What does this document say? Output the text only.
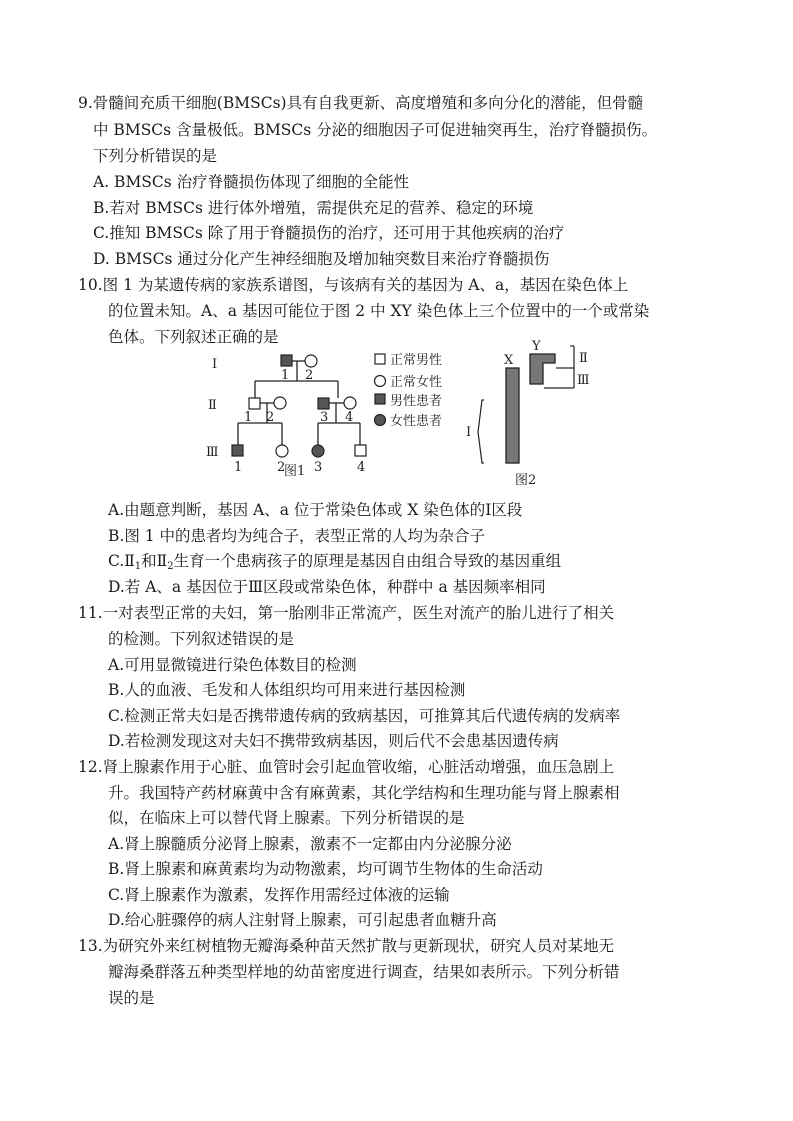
9.骨髓间充质干细胞(BMSCs)具有自我更新、高度增殖和多向分化的潜能，但骨髓
中 BMSCs 含量极低。BMSCs 分泌的细胞因子可促进轴突再生，治疗脊髓损伤。
下列分析错误的是
A. BMSCs 治疗脊髓损伤体现了细胞的全能性
B.若对 BMSCs 进行体外增殖，需提供充足的营养、稳定的环境
C.推知 BMSCs 除了用于脊髓损伤的治疗，还可用于其他疾病的治疗
D. BMSCs 通过分化产生神经细胞及增加轴突数目来治疗脊髓损伤
10.图 1 为某遗传病的家族系谱图，与该病有关的基因为 A、a，基因在染色体上
的位置未知。A、a 基因可能位于图 2 中 XY 染色体上三个位置中的一个或常染
色体。下列叙述正确的是
Ⅰ
Ⅱ
Ⅲ
1 2
1 2	3 4
1	2 3	4
图1
正常男性
正常女性
男性患者
女性患者
X
Y
Ⅰ
Ⅱ
Ⅲ
图2
A.由题意判断，基因 A、a 位于常染色体或 X 染色体的Ⅰ区段
B.图 1 中的患者均为纯合子，表型正常的人均为杂合子
C.Ⅱ1和Ⅱ2生育一个患病孩子的原理是基因自由组合导致的基因重组
D.若 A、a 基因位于Ⅲ区段或常染色体，种群中 a 基因频率相同
11.一对表型正常的夫妇，第一胎刚非正常流产，医生对流产的胎儿进行了相关
的检测。下列叙述错误的是
A.可用显微镜进行染色体数目的检测
B.人的血液、毛发和人体组织均可用来进行基因检测
C.检测正常夫妇是否携带遗传病的致病基因，可推算其后代遗传病的发病率
D.若检测发现这对夫妇不携带致病基因，则后代不会患基因遗传病
12.肾上腺素作用于心脏、血管时会引起血管收缩，心脏活动增强，血压急剧上
升。我国特产药材麻黄中含有麻黄素，其化学结构和生理功能与肾上腺素相
似，在临床上可以替代肾上腺素。下列分析错误的是
A.肾上腺髓质分泌肾上腺素，激素不一定都由内分泌腺分泌
B.肾上腺素和麻黄素均为动物激素，均可调节生物体的生命活动
C.肾上腺素作为激素，发挥作用需经过体液的运输
D.给心脏骤停的病人注射肾上腺素，可引起患者血糖升高
13.为研究外来红树植物无瓣海桑种苗天然扩散与更新现状，研究人员对某地无
瓣海桑群落五种类型样地的幼苗密度进行调查，结果如表所示。下列分析错
误的是
